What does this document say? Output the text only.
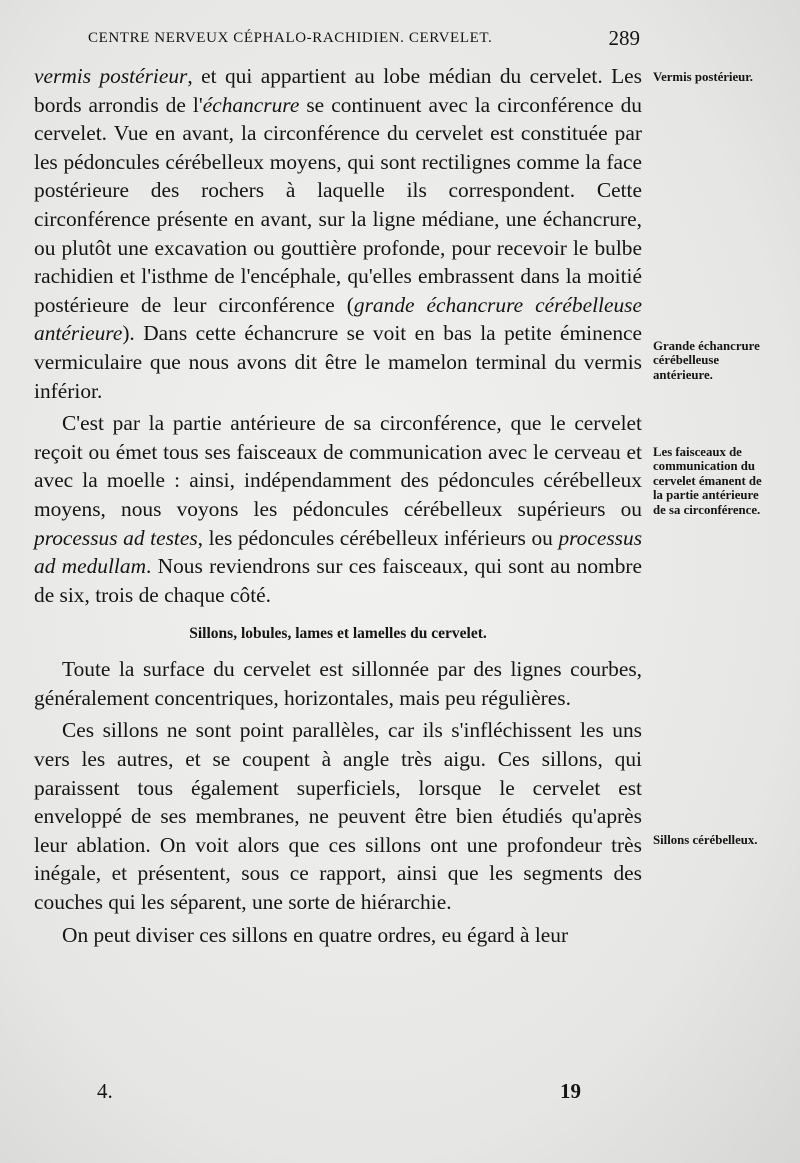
CENTRE NERVEUX CÉPHALO-RACHIDIEN. CERVELET.	289

vermis postérieur, et qui appartient au lobe médian du cervelet. Les bords arrondis de l'échancrure se continuent avec la circonférence du cervelet. Vue en avant, la circonférence du cervelet est constituée par les pédoncules cérébelleux moyens, qui sont rectilignes comme la face postérieure des rochers à laquelle ils correspondent. Cette circonférence présente en avant, sur la ligne médiane, une échancrure, ou plutôt une excavation ou gouttière profonde, pour recevoir le bulbe rachidien et l'isthme de l'encéphale, qu'elles embrassent dans la moitié postérieure de leur circonférence (grande échancrure cérébelleuse antérieure). Dans cette échancrure se voit en bas la petite éminence vermiculaire que nous avons dit être le mamelon terminal du vermis inférior.

C'est par la partie antérieure de sa circonférence, que le cervelet reçoit ou émet tous ses faisceaux de communication avec le cerveau et avec la moelle : ainsi, indépendamment des pédoncules cérébelleux moyens, nous voyons les pédoncules cérébelleux supérieurs ou processus ad testes, les pédoncules cérébelleux inférieurs ou processus ad medullam. Nous reviendrons sur ces faisceaux, qui sont au nombre de six, trois de chaque côté.

Sillons, lobules, lames et lamelles du cervelet.

Toute la surface du cervelet est sillonnée par des lignes courbes, généralement concentriques, horizontales, mais peu régulières.

Ces sillons ne sont point parallèles, car ils s'infléchissent les uns vers les autres, et se coupent à angle très aigu. Ces sillons, qui paraissent tous également superficiels, lorsque le cervelet est enveloppé de ses membranes, ne peuvent être bien étudiés qu'après leur ablation. On voit alors que ces sillons ont une profondeur très inégale, et présentent, sous ce rapport, ainsi que les segments des couches qui les séparent, une sorte de hiérarchie.

On peut diviser ces sillons en quatre ordres, eu égard à leur

Vermis postérieur.
Grande échancrure cérébelleuse antérieure.
Les faisceaux de communication du cervelet émanent de la partie antérieure de sa circonférence.
Sillons cérébelleux.
4.	19
